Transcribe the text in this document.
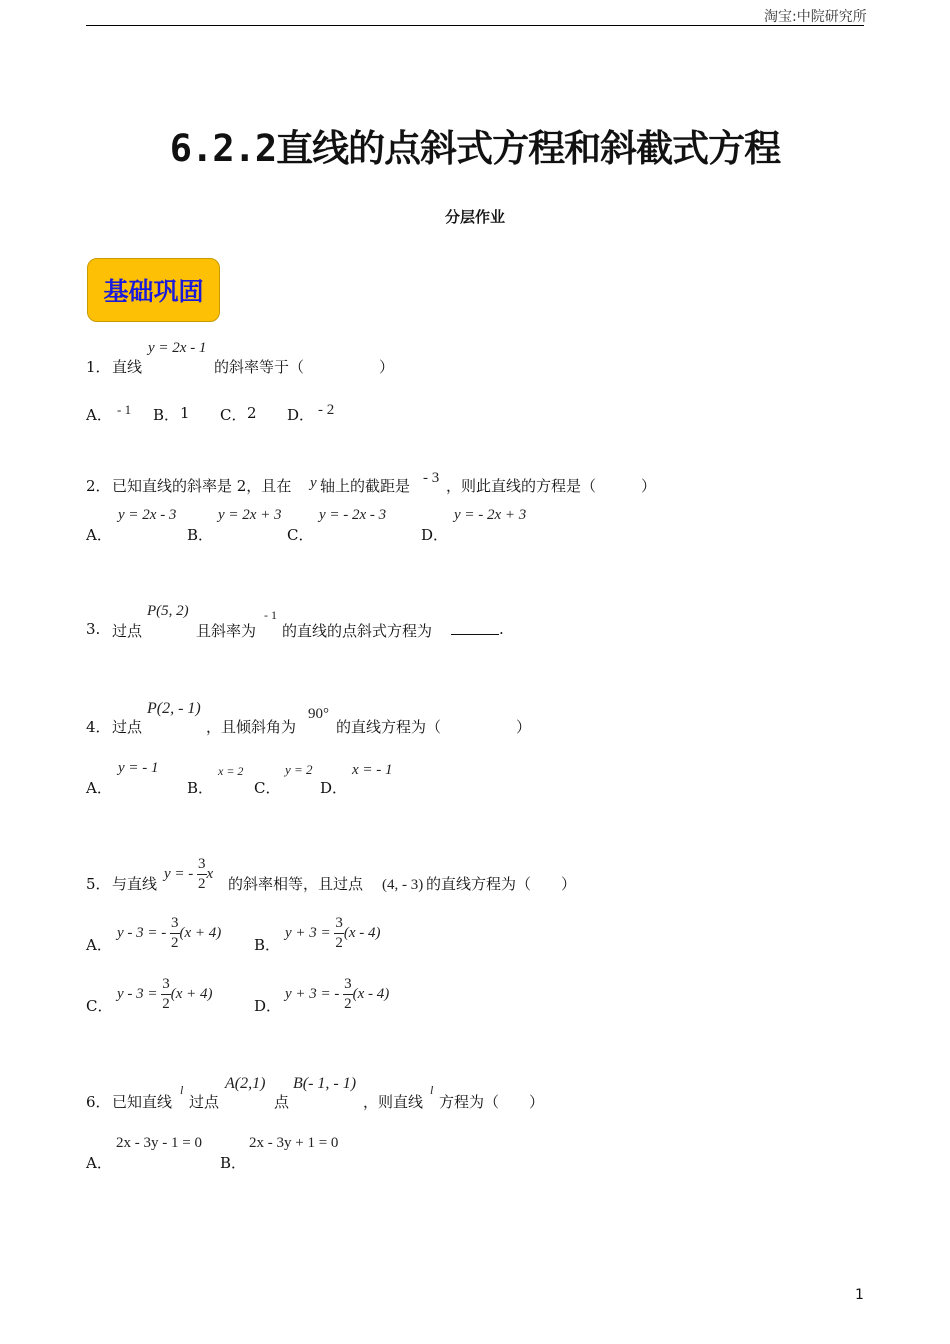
淘宝:中院研究所
6.2.2直线的点斜式方程和斜截式方程
分层作业
基础巩固
1． 直线
y = 2x - 1
的斜率等于（　　　　　）
A． - 1 B． 1 C． 2 D． - 2
2． 已知直线的斜率是 2，且在 y 轴上的截距是 - 3 ，则此直线的方程是（　　　）
A．
y = 2x - 3
B．
y = 2x + 3
C．
y = - 2x - 3
D．
y = - 2x + 3
3. 过点
P(5, 2)
且斜率为
- 1
的直线的点斜式方程为	.
4． 过点
P(2, - 1)
，且倾斜角为
90°
的直线方程为（　　　　　）
A．
y = - 1
B．
x = 2
C．
y = 2
D．
x = - 1
5． 与直线
y = - $\frac{3}{2}$ x
的斜率相等，且过点 (4, - 3) 的直线方程为（　　）
A．
y - 3 = - $\frac{3}{2} (x + 4)$
B．
$y + 3 = \frac{3}{2} (x - 4)$
C．
$y - 3 = \frac{3}{2} (x + 4)$
D．
y + 3 = - $\frac{3}{2} (x - 4)$
6． 已知直线
l
过点
A(2,1)
点
B(- 1, - 1)
，则直线
l
方程为（　　）
A．
2x - 3y - 1 = 0
B．
2x - 3y + 1 = 0
1
